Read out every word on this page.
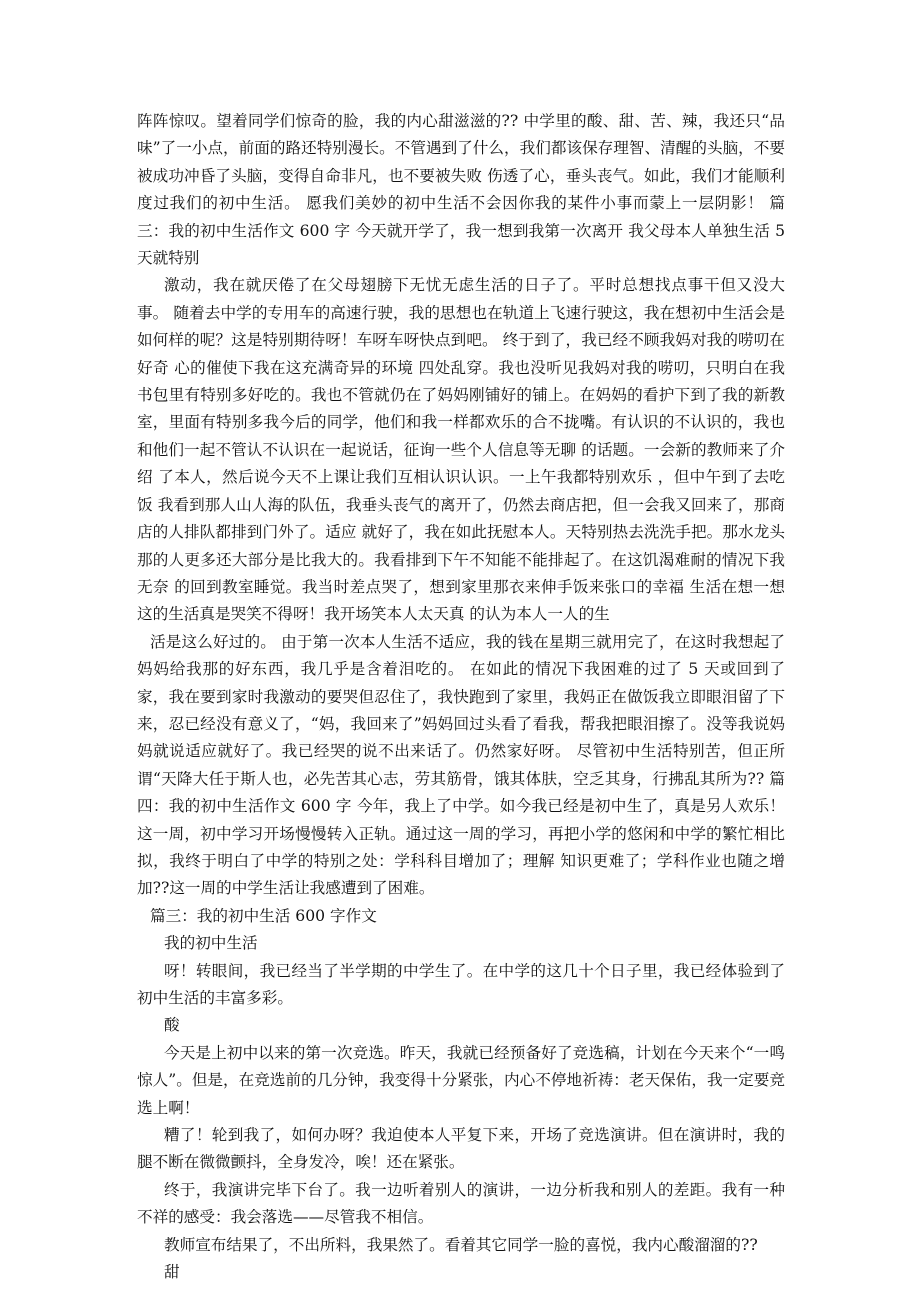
阵阵惊叹。望着同学们惊奇的脸，我的内心甜滋滋的?? 中学里的酸、甜、苦、辣，我还只“品味”了一小点，前面的路还特别漫长。不管遇到了什么，我们都该保存理智、清醒的头脑，不要被成功冲昏了头脑，变得自命非凡，也不要被失败 伤透了心，垂头丧气。如此，我们才能顺利度过我们的初中生活。 愿我们美妙的初中生活不会因你我的某件小事而蒙上一层阴影！ 篇三：我的初中生活作文 600 字 今天就开学了，我一想到我第一次离开 我父母本人单独生活 5 天就特别

激动，我在就厌倦了在父母翅膀下无忧无虑生活的日子了。平时总想找点事干但又没大事。 随着去中学的专用车的高速行驶，我的思想也在轨道上飞速行驶这，我在想初中生活会是如何样的呢？这是特别期待呀！车呀车呀快点到吧。 终于到了，我已经不顾我妈对我的唠叨在好奇 心的催使下我在这充满奇异的环境 四处乱穿。我也没听见我妈对我的唠叨，只明白在我书包里有特别多好吃的。我也不管就仍在了妈妈刚铺好的铺上。在妈妈的看护下到了我的新教室，里面有特别多我今后的同学，他们和我一样都欢乐的合不拢嘴。有认识的不认识的，我也和他们一起不管认不认识在一起说话，征询一些个人信息等无聊 的话题。一会新的教师来了介绍 了本人，然后说今天不上课让我们互相认识认识。一上午我都特别欢乐 ，但中午到了去吃饭 我看到那人山人海的队伍，我垂头丧气的离开了，仍然去商店把，但一会我又回来了，那商店的人排队都排到门外了。适应 就好了，我在如此抚慰本人。天特别热去洗洗手把。那水龙头那的人更多还大部分是比我大的。我看排到下午不知能不能排起了。在这饥渴难耐的情况下我无奈 的回到教室睡觉。我当时差点哭了，想到家里那衣来伸手饭来张口的幸福 生活在想一想这的生活真是哭笑不得呀！我开场笑本人太天真 的认为本人一人的生

活是这么好过的。 由于第一次本人生活不适应，我的钱在星期三就用完了，在这时我想起了妈妈给我那的好东西，我几乎是含着泪吃的。 在如此的情况下我困难的过了 5 天或回到了家，我在要到家时我激动的要哭但忍住了，我快跑到了家里，我妈正在做饭我立即眼泪留了下来，忍已经没有意义了，“妈，我回来了”妈妈回过头看了看我，帮我把眼泪擦了。没等我说妈妈就说适应就好了。我已经哭的说不出来话了。仍然家好呀。 尽管初中生活特别苦，但正所谓“天降大任于斯人也，必先苦其心志，劳其筋骨，饿其体肤，空乏其身，行拂乱其所为?? 篇四：我的初中生活作文 600 字 今年，我上了中学。如今我已经是初中生了，真是另人欢乐！这一周，初中学习开场慢慢转入正轨。通过这一周的学习，再把小学的悠闲和中学的繁忙相比拟，我终于明白了中学的特别之处：学科科目增加了；理解 知识更难了；学科作业也随之增加??这一周的中学生活让我感遭到了困难。

篇三：我的初中生活 600 字作文

我的初中生活

呀！转眼间，我已经当了半学期的中学生了。在中学的这几十个日子里，我已经体验到了初中生活的丰富多彩。

酸

今天是上初中以来的第一次竞选。昨天，我就已经预备好了竞选稿，计划在今天来个“一鸣惊人”。但是，在竞选前的几分钟，我变得十分紧张，内心不停地祈祷：老天保佑，我一定要竞选上啊！

糟了！轮到我了，如何办呀？我迫使本人平复下来，开场了竞选演讲。但在演讲时，我的腿不断在微微颤抖，全身发冷，唉！还在紧张。

终于，我演讲完毕下台了。我一边听着别人的演讲，一边分析我和别人的差距。我有一种不祥的感受：我会落选——尽管我不相信。

教师宣布结果了，不出所料，我果然了。看着其它同学一脸的喜悦，我内心酸溜溜的??

甜
